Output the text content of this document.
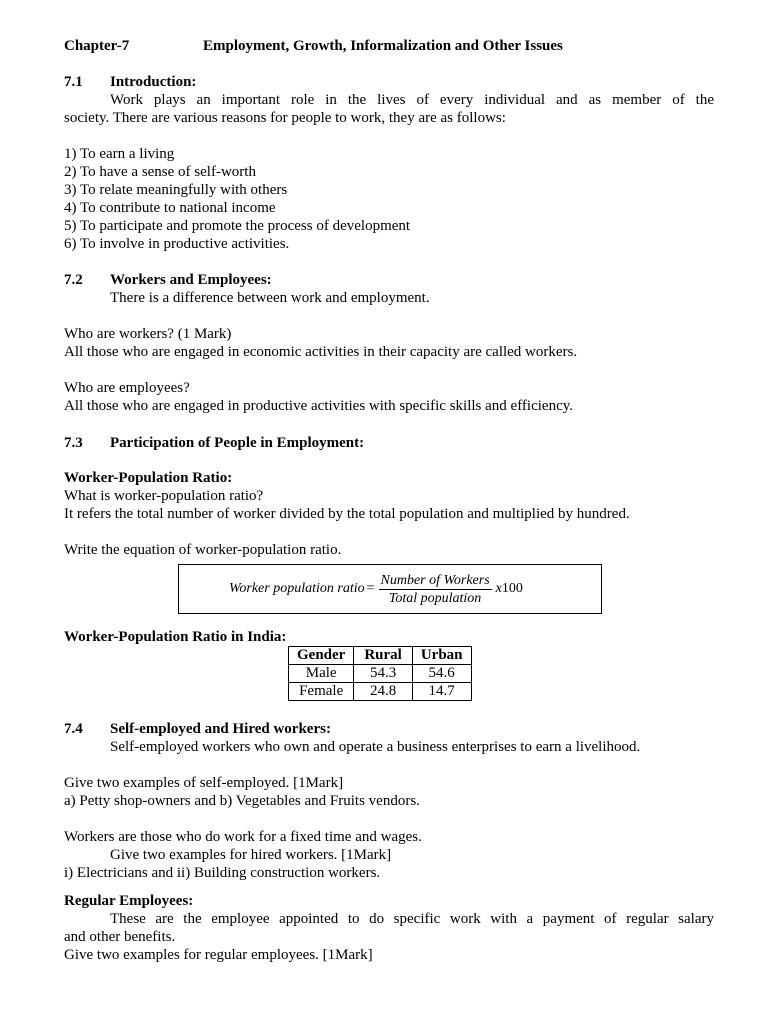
Chapter-7	Employment, Growth, Informalization and Other Issues
7.1 Introduction:
Work plays an important role in the lives of every individual and as member of the
society. There are various reasons for people to work, they are as follows:
1) To earn a living
2) To have a sense of self-worth
3) To relate meaningfully with others
4) To contribute to national income
5) To participate and promote the process of development
6) To involve in productive activities.
7.2 Workers and Employees:
There is a difference between work and employment.
Who are workers? (1 Mark)
All those who are engaged in economic activities in their capacity are called workers.
Who are employees?
All those who are engaged in productive activities with specific skills and efficiency.
7.3 Participation of People in Employment:
Worker-Population Ratio:
What is worker-population ratio?
It refers the total number of worker divided by the total population and multiplied by hundred.
Write the equation of worker-population ratio.
Worker population ratio = $\frac{\text{Number of Workers}}{\text{Total population}}$ x 100
Worker-Population Ratio in India:
Gender	Rural	Urban
Male	54.3	54.6
Female	24.8	14.7
7.4 Self-employed and Hired workers:
Self-employed workers who own and operate a business enterprises to earn a livelihood.
Give two examples of self-employed. [1Mark]
a) Petty shop-owners and b) Vegetables and Fruits vendors.
Workers are those who do work for a fixed time and wages.
Give two examples for hired workers. [1Mark]
i) Electricians and ii) Building construction workers.
Regular Employees:
These are the employee appointed to do specific work with a payment of regular salary
and other benefits.
Give two examples for regular employees. [1Mark]
